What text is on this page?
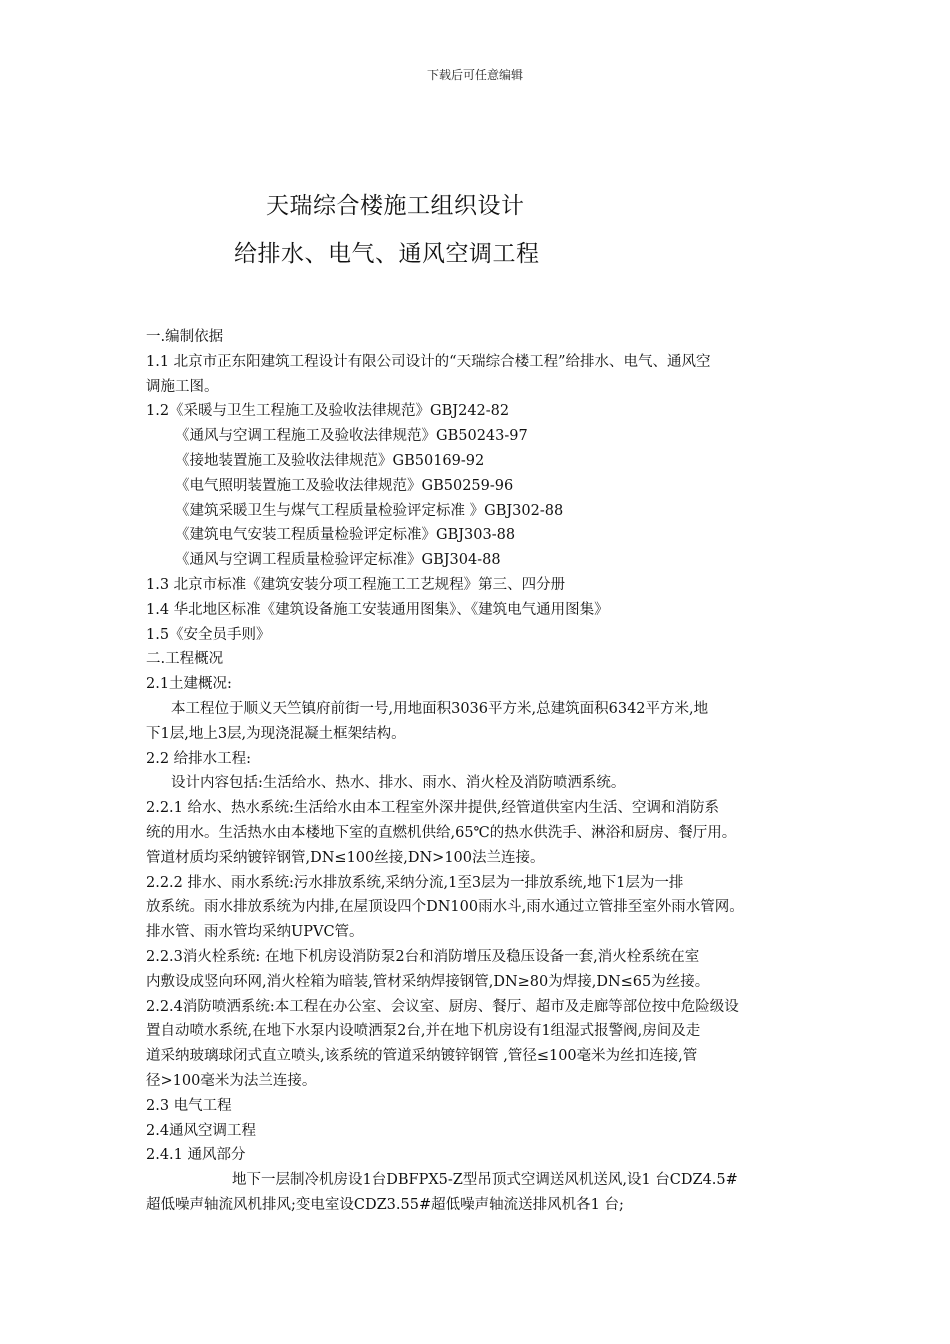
下载后可任意编辑
天瑞综合楼施工组织设计
给排水、电气、通风空调工程
一.编制依据
1.1 北京市正东阳建筑工程设计有限公司设计的“天瑞综合楼工程”给排水、电气、通风空
调施工图。
1.2《采暖与卫生工程施工及验收法律规范》GBJ242-82
《通风与空调工程施工及验收法律规范》GB50243-97
《接地装置施工及验收法律规范》GB50169-92
《电气照明装置施工及验收法律规范》GB50259-96
《建筑采暖卫生与煤气工程质量检验评定标准 》GBJ302-88
《建筑电气安装工程质量检验评定标准》GBJ303-88
《通风与空调工程质量检验评定标准》GBJ304-88
1.3 北京市标准《建筑安装分项工程施工工艺规程》第三、四分册
1.4 华北地区标准《建筑设备施工安装通用图集》、《建筑电气通用图集》
1.5《安全员手则》
二.工程概况
2.1土建概况:
本工程位于顺义天竺镇府前街一号,用地面积3036平方米,总建筑面积6342平方米,地
下1层,地上3层,为现浇混凝土框架结构。
2.2 给排水工程:
设计内容包括:生活给水、热水、排水、雨水、消火栓及消防喷洒系统。
2.2.1 给水、热水系统:生活给水由本工程室外深井提供,经管道供室内生活、空调和消防系
统的用水。生活热水由本楼地下室的直燃机供给,65℃的热水供洗手、淋浴和厨房、餐厅用。
管道材质均采纳镀锌钢管,DN≤100丝接,DN>100法兰连接。
2.2.2 排水、雨水系统:污水排放系统,采纳分流,1至3层为一排放系统,地下1层为一排
放系统。雨水排放系统为内排,在屋顶设四个DN100雨水斗,雨水通过立管排至室外雨水管网。
排水管、雨水管均采纳UPVC管。
2.2.3消火栓系统: 在地下机房设消防泵2台和消防增压及稳压设备一套,消火栓系统在室
内敷设成竖向环网,消火栓箱为暗装,管材采纳焊接钢管,DN≥80为焊接,DN≤65为丝接。
2.2.4消防喷洒系统:本工程在办公室、会议室、厨房、餐厅、超市及走廊等部位按中危险级设
置自动喷水系统,在地下水泵内设喷洒泵2台,并在地下机房设有1组湿式报警阀,房间及走
道采纳玻璃球闭式直立喷头,该系统的管道采纳镀锌钢管 ,管径≤100毫米为丝扣连接,管
径>100毫米为法兰连接。
2.3 电气工程
2.4通风空调工程
2.4.1 通风部分
地下一层制冷机房设1台DBFPX5-Z型吊顶式空调送风机送风,设1 台CDZ4.5#
超低噪声轴流风机排风;变电室设CDZ3.55#超低噪声轴流送排风机各1 台;
